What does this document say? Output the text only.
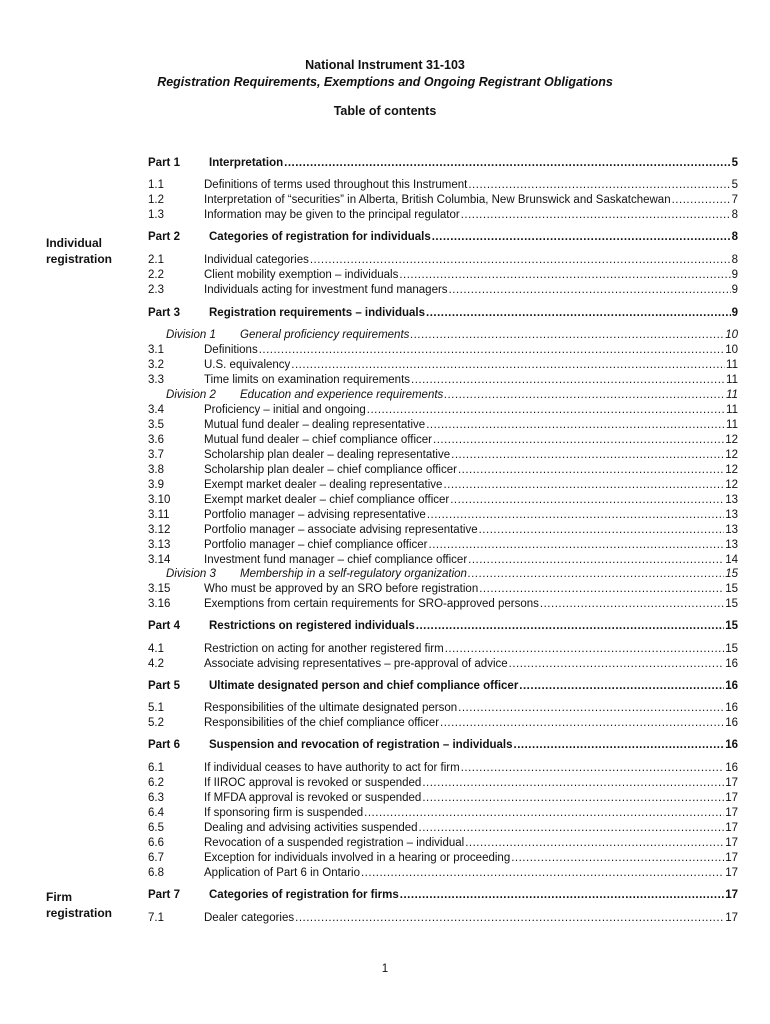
National Instrument 31-103
Registration Requirements, Exemptions and Ongoing Registrant Obligations
Table of contents
Individual
registration
Firm
registration
Part 1	Interpretation .....	5
1.1	Definitions of terms used throughout this Instrument .....	5
1.2	Interpretation of “securities” in Alberta, British Columbia, New Brunswick and Saskatchewan .....	7
1.3	Information may be given to the principal regulator .....	8
Part 2	Categories of registration for individuals .....	8
2.1	Individual categories .....	8
2.2	Client mobility exemption – individuals .....	9
2.3	Individuals acting for investment fund managers .....	9
Part 3	Registration requirements – individuals .....	9
Division 1	General proficiency requirements .....	10
3.1	Definitions .....	10
3.2	U.S. equivalency .....	11
3.3	Time limits on examination requirements .....	11
Division 2	Education and experience requirements .....	11
3.4	Proficiency – initial and ongoing .....	11
3.5	Mutual fund dealer – dealing representative .....	11
3.6	Mutual fund dealer – chief compliance officer .....	12
3.7	Scholarship plan dealer – dealing representative .....	12
3.8	Scholarship plan dealer – chief compliance officer .....	12
3.9	Exempt market dealer – dealing representative .....	12
3.10	Exempt market dealer – chief compliance officer .....	13
3.11	Portfolio manager – advising representative .....	13
3.12	Portfolio manager – associate advising representative .....	13
3.13	Portfolio manager – chief compliance officer .....	13
3.14	Investment fund manager – chief compliance officer .....	14
Division 3	Membership in a self-regulatory organization .....	15
3.15	Who must be approved by an SRO before registration .....	15
3.16	Exemptions from certain requirements for SRO-approved persons .....	15
Part 4	Restrictions on registered individuals .....	15
4.1	Restriction on acting for another registered firm .....	15
4.2	Associate advising representatives – pre-approval of advice .....	16
Part 5	Ultimate designated person and chief compliance officer .....	16
5.1	Responsibilities of the ultimate designated person .....	16
5.2	Responsibilities of the chief compliance officer .....	16
Part 6	Suspension and revocation of registration – individuals .....	16
6.1	If individual ceases to have authority to act for firm .....	16
6.2	If IIROC approval is revoked or suspended .....	17
6.3	If MFDA approval is revoked or suspended .....	17
6.4	If sponsoring firm is suspended .....	17
6.5	Dealing and advising activities suspended .....	17
6.6	Revocation of a suspended registration – individual .....	17
6.7	Exception for individuals involved in a hearing or proceeding .....	17
6.8	Application of Part 6 in Ontario .....	17
Part 7	Categories of registration for firms .....	17
7.1	Dealer categories .....	17
1
